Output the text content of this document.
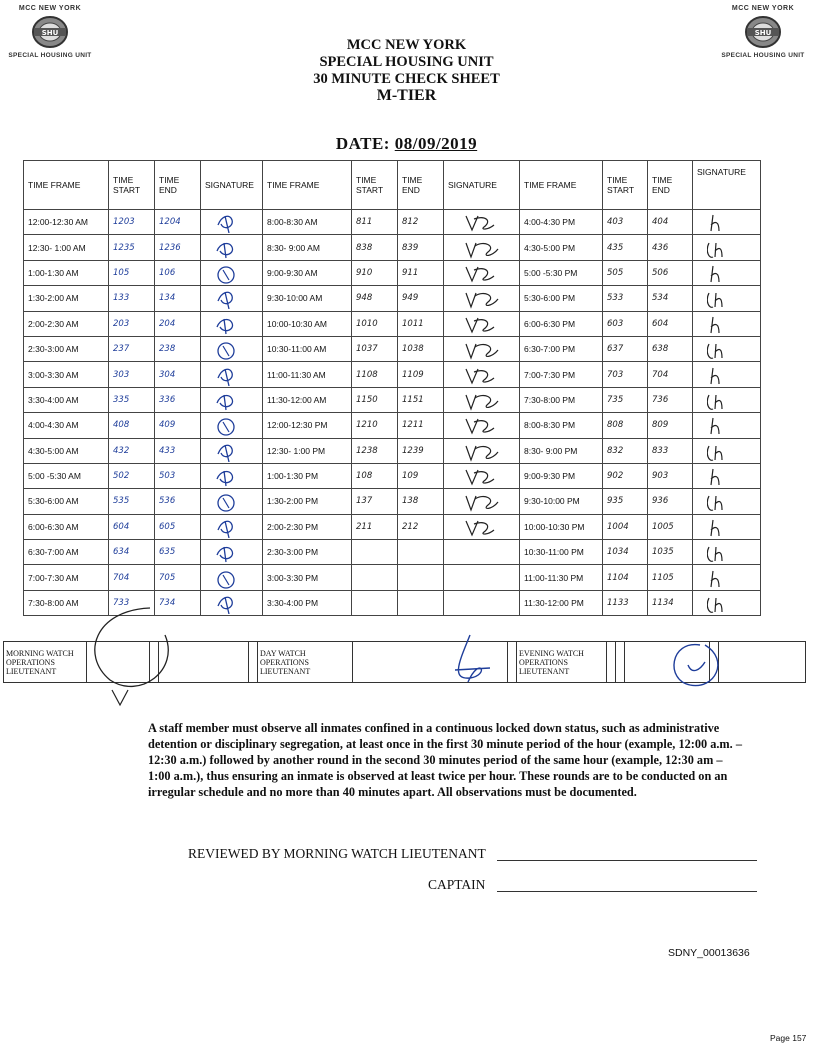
MCC NEW YORK
SHU
SPECIAL HOUSING UNIT
MCC NEW YORK
SHU
SPECIAL HOUSING UNIT
MCC NEW YORK
SPECIAL HOUSING UNIT
30 MINUTE CHECK SHEET
M-TIER
DATE: 08/09/2019
TIME FRAME	TIME START	TIME END	SIGNATURE	TIME FRAME	TIME START	TIME END	SIGNATURE	TIME FRAME	TIME START	TIME END	SIGNATURE
12:00-12:30 AM	1203	1204		8:00-8:30 AM	811	812		4:00-4:30 PM	403	404	

12:30- 1:00 AM	1235	1236		8:30- 9:00 AM	838	839		4:30-5:00 PM	435	436	

1:00-1:30 AM	105	106		9:00-9:30 AM	910	911		5:00 -5:30 PM	505	506	

1:30-2:00 AM	133	134		9:30-10:00 AM	948	949		5:30-6:00 PM	533	534	

2:00-2:30 AM	203	204		10:00-10:30 AM	1010	1011		6:00-6:30 PM	603	604	

2:30-3:00 AM	237	238		10:30-11:00 AM	1037	1038		6:30-7:00 PM	637	638	

3:00-3:30 AM	303	304		11:00-11:30 AM	1108	1109		7:00-7:30 PM	703	704	

3:30-4:00 AM	335	336		11:30-12:00 AM	1150	1151		7:30-8:00 PM	735	736	

4:00-4:30 AM	408	409		12:00-12:30 PM	1210	1211		8:00-8:30 PM	808	809	

4:30-5:00 AM	432	433		12:30- 1:00 PM	1238	1239		8:30- 9:00 PM	832	833	

5:00 -5:30 AM	502	503		1:00-1:30 PM	108	109		9:00-9:30 PM	902	903	

5:30-6:00 AM	535	536		1:30-2:00 PM	137	138		9:30-10:00 PM	935	936	

6:00-6:30 AM	604	605		2:00-2:30 PM	211	212		10:00-10:30 PM	1004	1005	

6:30-7:00 AM	634	635		2:30-3:00 PM				10:30-11:00 PM	1034	1035	

7:00-7:30 AM	704	705		3:00-3:30 PM				11:00-11:30 PM	1104	1105	

7:30-8:00 AM	733	734		3:30-4:00 PM				11:30-12:00 PM	1133	1134	
MORNING WATCH OPERATIONS LIEUTENANT					DAY WATCH OPERATIONS LIEUTENANT			EVENING WATCH OPERATIONS LIEUTENANT					
A staff member must observe all inmates confined in a continuous locked down status, such as administrative detention or disciplinary segregation, at least once in the first 30 minute period of the hour (example, 12:00 a.m. – 12:30 a.m.) followed by another round in the second 30 minutes period of the same hour (example, 12:30 am – 1:00 a.m.), thus ensuring an inmate is observed at least twice per hour. These rounds are to be conducted on an irregular schedule and no more than 40 minutes apart. All observations must be documented.
REVIEWED BY MORNING WATCH LIEUTENANT
CAPTAIN
SDNY_00013636
Page 157
